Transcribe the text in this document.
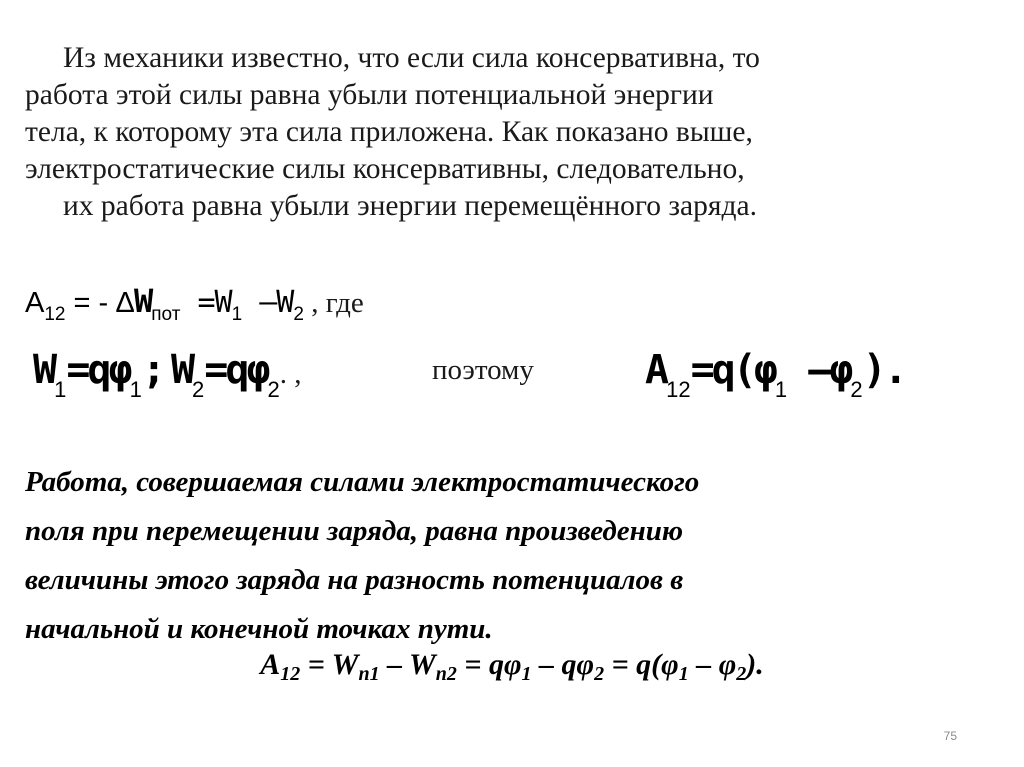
Из механики известно, что если сила консервативна, то
работа этой силы равна убыли потенциальной энергии
тела, к которому эта сила приложена. Как показано выше,
электростатические силы консервативны, следовательно,
их работа равна убыли энергии перемещённого заряда.
$A_{12}$ = - $\Delta W_{пот} =W_1$ $-W_2$ , где
$W_1=q\varphi_1$; $W_2=q\varphi_2$. ,	поэтому	$A_{12}=q(\varphi_1$ $-\varphi_2$).
Работа, совершаемая силами электростатического
поля при перемещении заряда, равна произведению
величины этого заряда на разность потенциалов в
начальной и конечной точках пути.
$A_{12} = W_{n1} - W_{n2} = q\varphi_1 - q\varphi_2 = q(\varphi_1 - \varphi_2)$.
75
